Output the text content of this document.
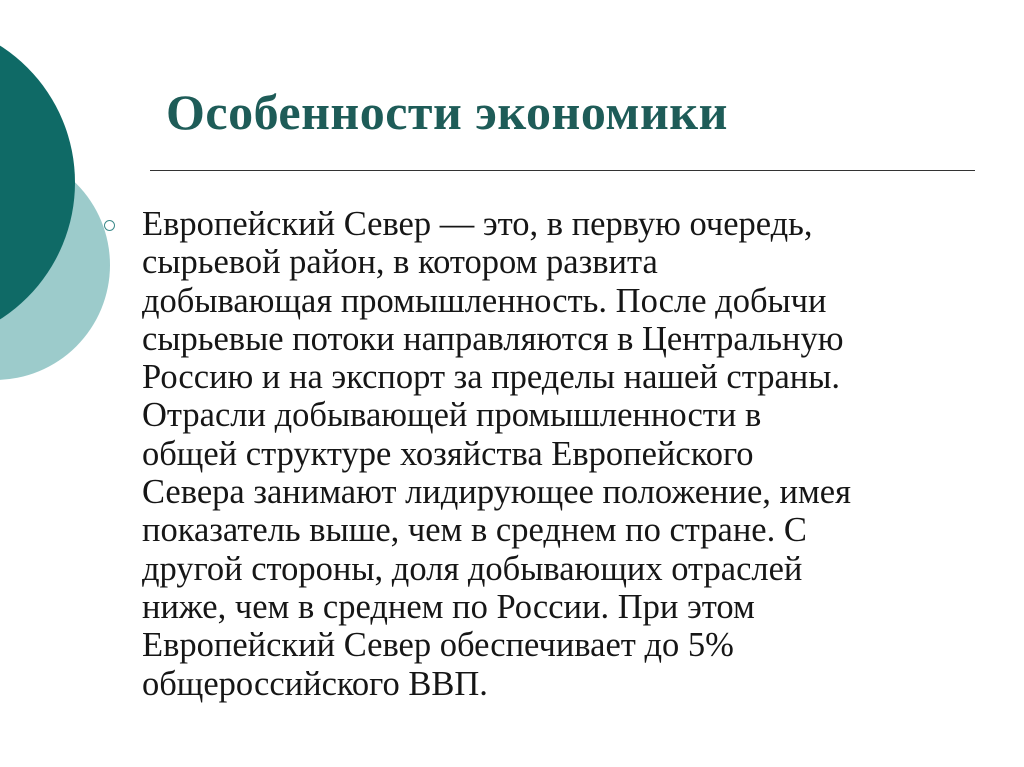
Особенности экономики

Европейский Север — это, в первую очередь,
сырьевой район, в котором развита
добывающая промышленность. После добычи
сырьевые потоки направляются в Центральную
Россию и на экспорт за пределы нашей страны.
Отрасли добывающей промышленности в
общей структуре хозяйства Европейского
Севера занимают лидирующее положение, имея
показатель выше, чем в среднем по стране. С
другой стороны, доля добывающих отраслей
ниже, чем в среднем по России. При этом
Европейский Север обеспечивает до 5%
общероссийского ВВП.
